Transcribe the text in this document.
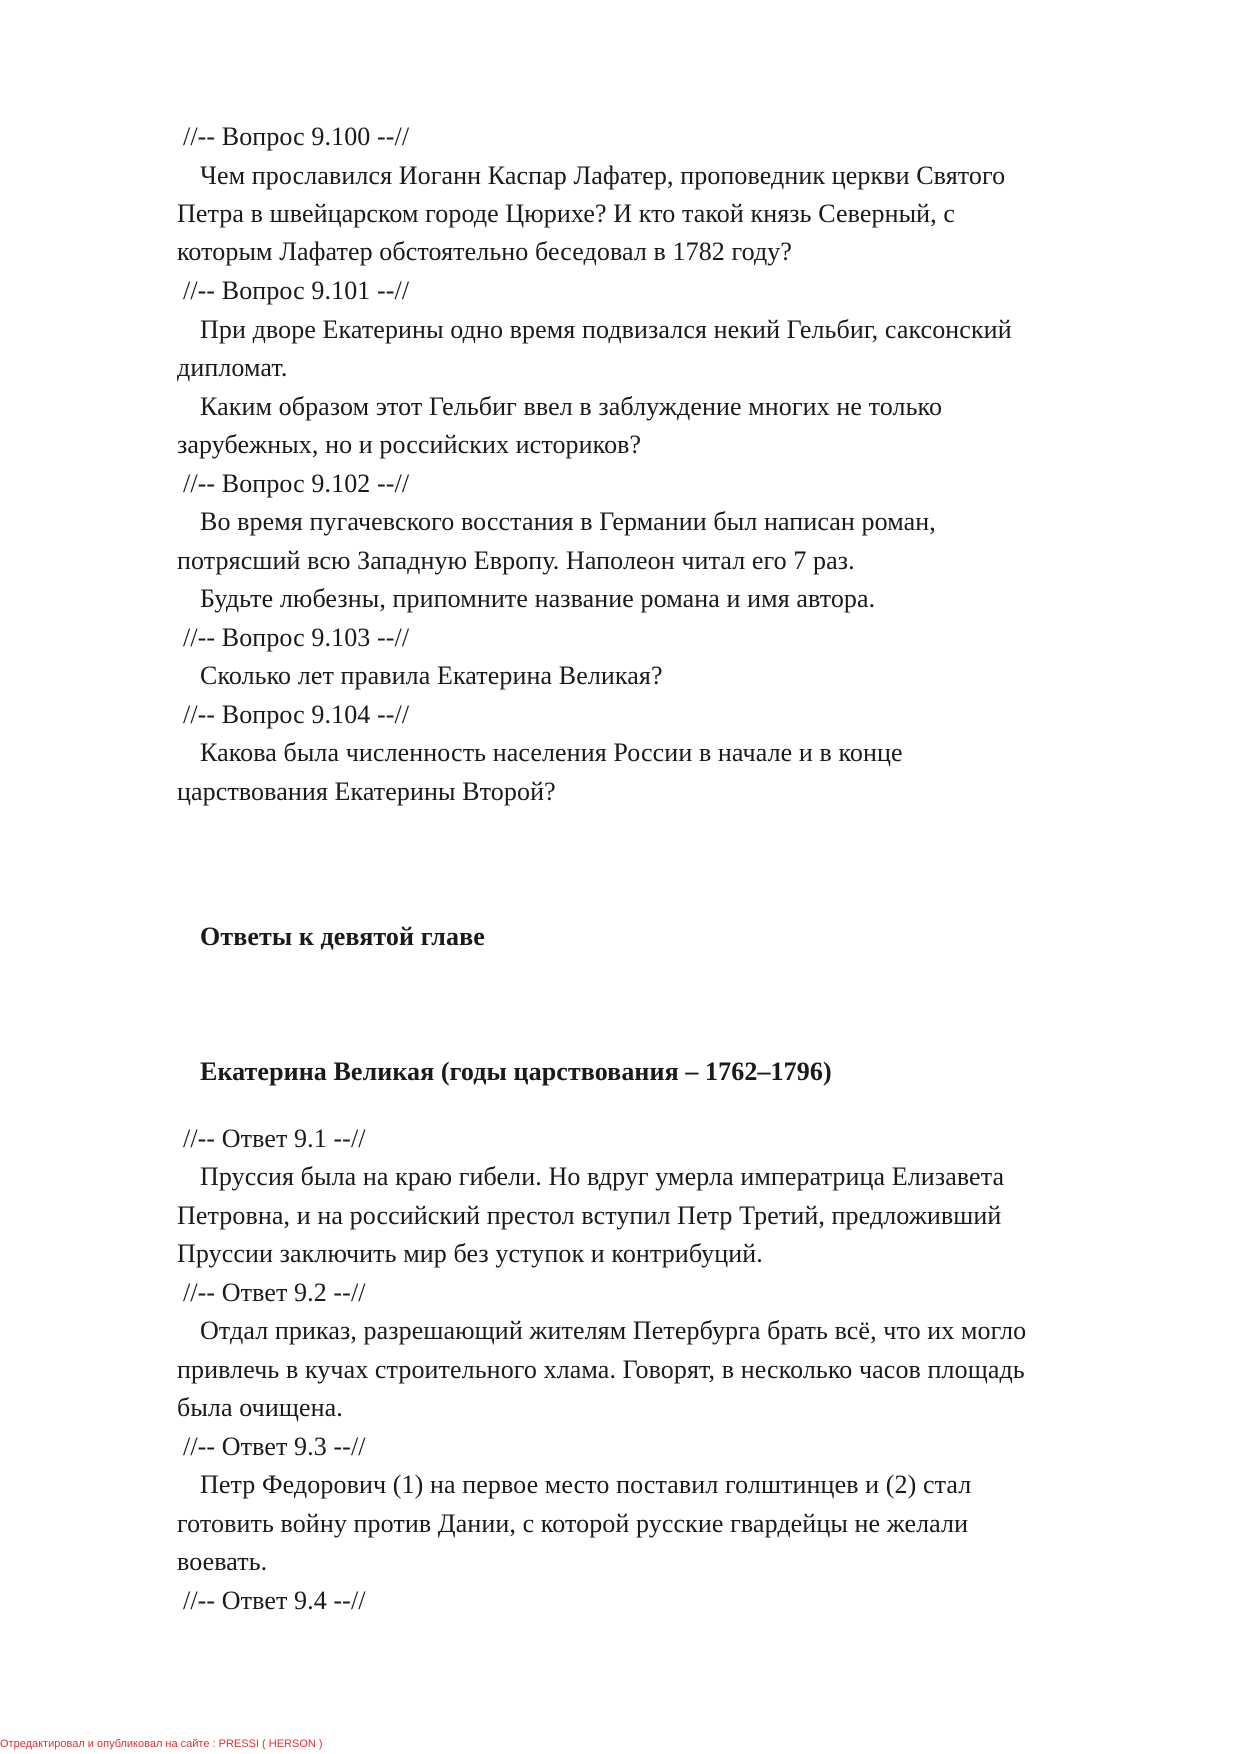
//-- Вопрос 9.100 --//
Чем прославился Иоганн Каспар Лафатер, проповедник церкви Святого
Петра в швейцарском городе Цюрихе? И кто такой князь Северный, с
которым Лафатер обстоятельно беседовал в 1782 году?
//-- Вопрос 9.101 --//
При дворе Екатерины одно время подвизался некий Гельбиг, саксонский
дипломат.
Каким образом этот Гельбиг ввел в заблуждение многих не только
зарубежных, но и российских историков?
//-- Вопрос 9.102 --//
Во время пугачевского восстания в Германии был написан роман,
потрясший всю Западную Европу. Наполеон читал его 7 раз.
Будьте любезны, припомните название романа и имя автора.
//-- Вопрос 9.103 --//
Сколько лет правила Екатерина Великая?
//-- Вопрос 9.104 --//
Какова была численность населения России в начале и в конце
царствования Екатерины Второй?
Ответы к девятой главе
Екатерина Великая (годы царствования – 1762–1796)
//-- Ответ 9.1 --//
Пруссия была на краю гибели. Но вдруг умерла императрица Елизавета
Петровна, и на российский престол вступил Петр Третий, предложивший
Пруссии заключить мир без уступок и контрибуций.
//-- Ответ 9.2 --//
Отдал приказ, разрешающий жителям Петербурга брать всё, что их могло
привлечь в кучах строительного хлама. Говорят, в несколько часов площадь
была очищена.
//-- Ответ 9.3 --//
Петр Федорович (1) на первое место поставил голштинцев и (2) стал
готовить войну против Дании, с которой русские гвардейцы не желали
воевать.
//-- Ответ 9.4 --//
Отредактировал и опубликовал на сайте : PRESSI ( HERSON )
